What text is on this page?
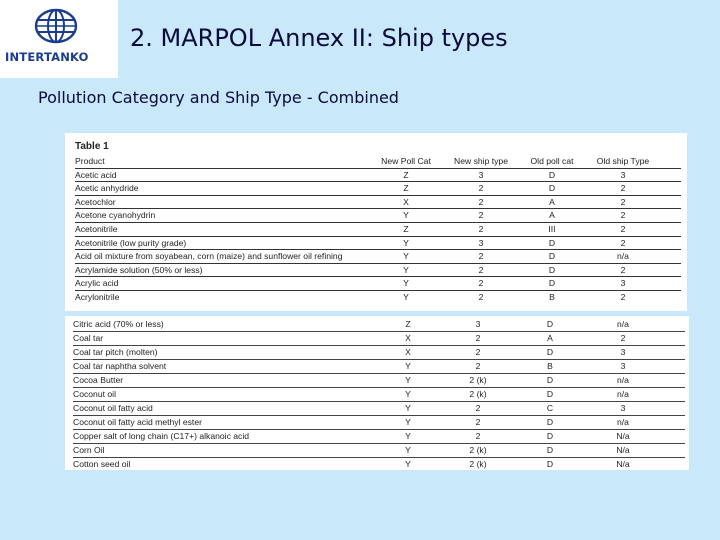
INTERTANKO
2. MARPOL Annex II: Ship types
Pollution Category and Ship Type - Combined
Table 1
Product	New Poll Cat	New ship type	Old poll cat	Old ship Type
Acetic acid	Z	3	D	3
Acetic anhydride	Z	2	D	2
Acetochlor	X	2	A	2
Acetone cyanohydrin	Y	2	A	2
Acetonitrile	Z	2	III	2
Acetonitrile (low purity grade)	Y	3	D	2
Acid oil mixture from soyabean, corn (maize) and sunflower oil refining	Y	2	D	n/a
Acrylamide solution (50% or less)	Y	2	D	2
Acrylic acid	Y	2	D	3
Acrylonitrile	Y	2	B	2
Citric acid (70% or less)	Z	3	D	n/a
Coal tar	X	2	A	2
Coal tar pitch (molten)	X	2	D	3
Coal tar naphtha solvent	Y	2	B	3
Cocoa Butter	Y	2 (k)	D	n/a
Coconut oil	Y	2 (k)	D	n/a
Coconut oil fatty acid	Y	2	C	3
Coconut oil fatty acid methyl ester	Y	2	D	n/a
Copper salt of long chain (C17+) alkanoic acid	Y	2	D	N/a
Corn Oil	Y	2 (k)	D	N/a
Cotton seed oil	Y	2 (k)	D	N/a
